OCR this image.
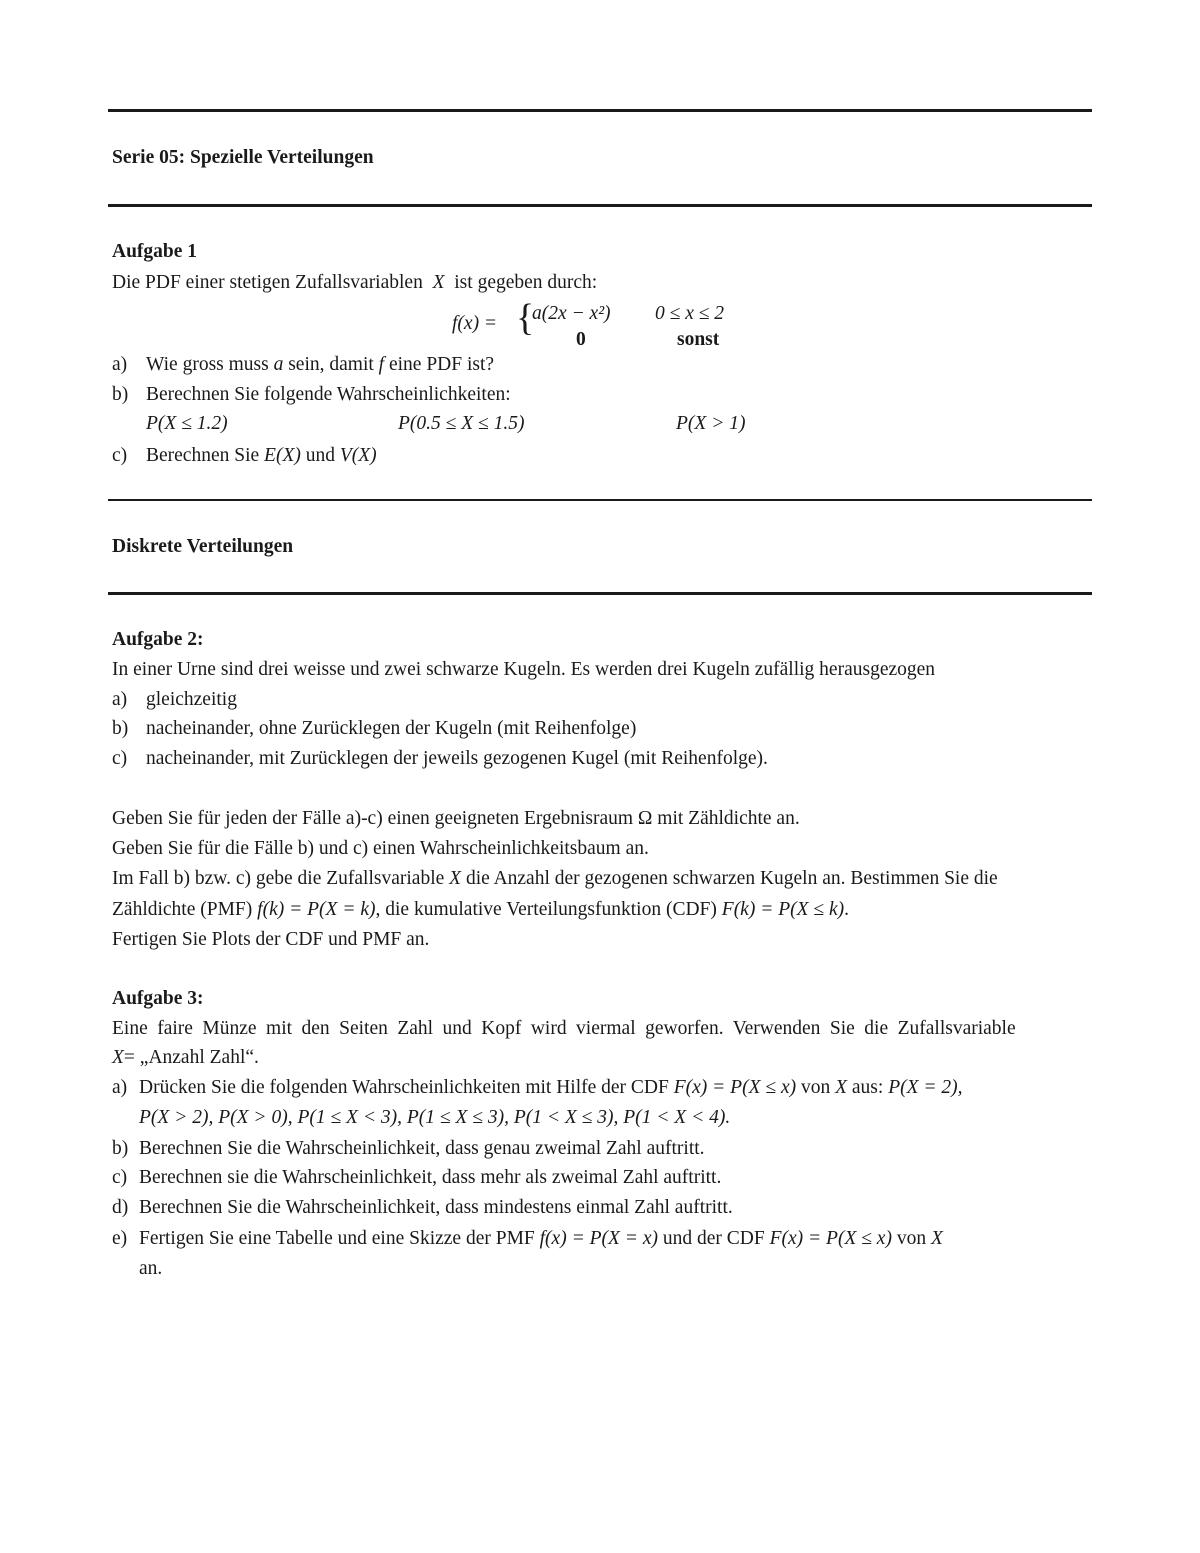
Serie 05: Spezielle Verteilungen
Aufgabe 1
Die PDF einer stetigen Zufallsvariablen X ist gegeben durch:
f(x) = {
a(2x − x²) 0 ≤ x ≤ 2
0	sonst
a) Wie gross muss a sein, damit f eine PDF ist?
b) Berechnen Sie folgende Wahrscheinlichkeiten:
P(X ≤ 1.2)	P(0.5 ≤ X ≤ 1.5)	P(X > 1)
c) Berechnen Sie E(X) und V(X)
Diskrete Verteilungen
Aufgabe 2:
In einer Urne sind drei weisse und zwei schwarze Kugeln. Es werden drei Kugeln zufällig herausgezogen
a) gleichzeitig
b) nacheinander, ohne Zurücklegen der Kugeln (mit Reihenfolge)
c) nacheinander, mit Zurücklegen der jeweils gezogenen Kugel (mit Reihenfolge).
Geben Sie für jeden der Fälle a)-c) einen geeigneten Ergebnisraum Ω mit Zähldichte an.
Geben Sie für die Fälle b) und c) einen Wahrscheinlichkeitsbaum an.
Im Fall b) bzw. c) gebe die Zufallsvariable X die Anzahl der gezogenen schwarzen Kugeln an. Bestimmen Sie die
Zähldichte (PMF) f(k) = P(X = k), die kumulative Verteilungsfunktion (CDF) F(k) = P(X ≤ k).
Fertigen Sie Plots der CDF und PMF an.
Aufgabe 3:
Eine faire Münze mit den Seiten Zahl und Kopf wird viermal geworfen. Verwenden Sie die Zufallsvariable
X= „Anzahl Zahl“.
a) Drücken Sie die folgenden Wahrscheinlichkeiten mit Hilfe der CDF F(x) = P(X ≤ x) von X aus: P(X = 2),
P(X > 2), P(X > 0), P(1 ≤ X < 3), P(1 ≤ X ≤ 3), P(1 < X ≤ 3), P(1 < X < 4).
b) Berechnen Sie die Wahrscheinlichkeit, dass genau zweimal Zahl auftritt.
c) Berechnen sie die Wahrscheinlichkeit, dass mehr als zweimal Zahl auftritt.
d) Berechnen Sie die Wahrscheinlichkeit, dass mindestens einmal Zahl auftritt.
e) Fertigen Sie eine Tabelle und eine Skizze der PMF f(x) = P(X = x) und der CDF F(x) = P(X ≤ x) von X
an.
